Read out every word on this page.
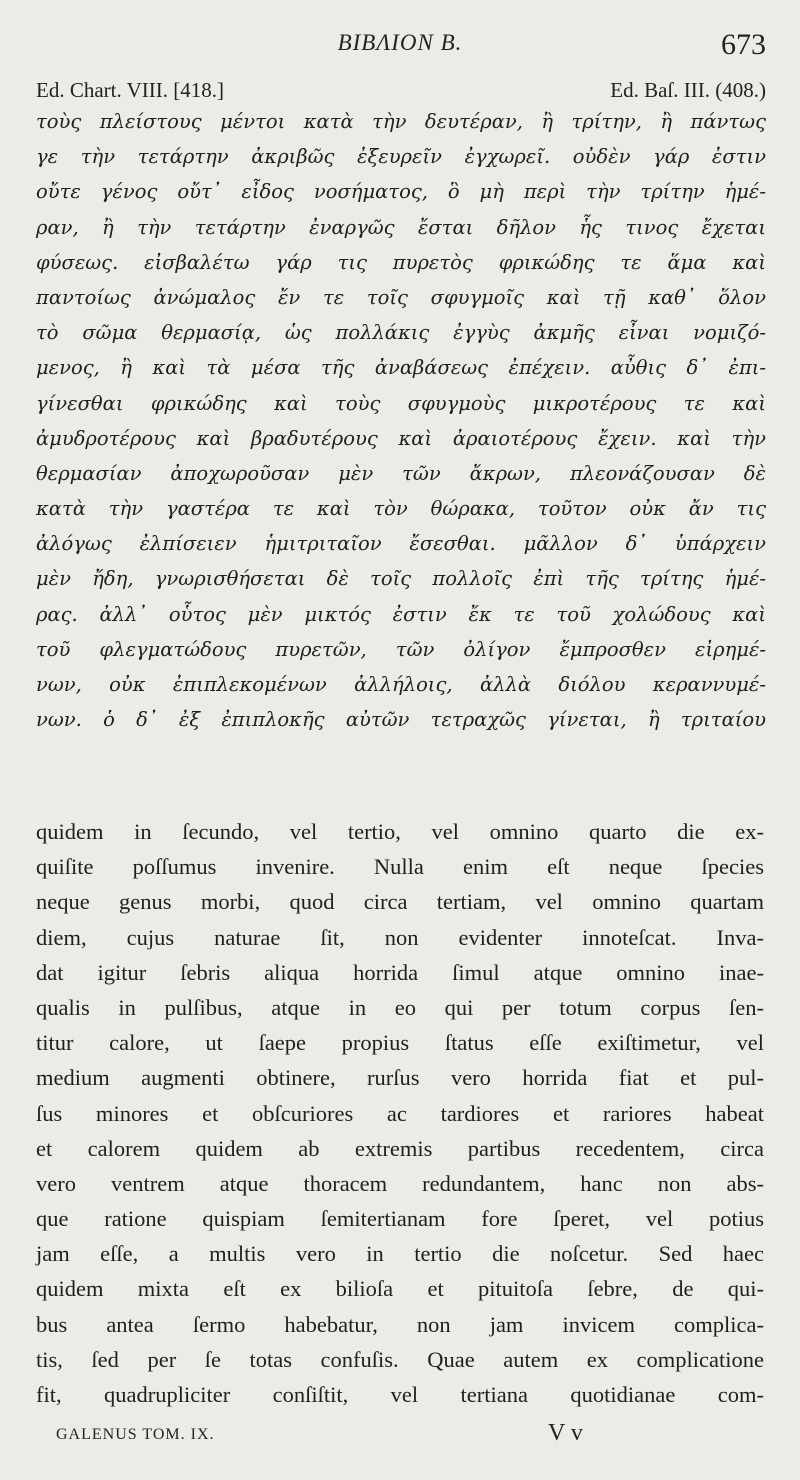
ΒΙΒΛΙΟΝ Β.	673
Ed. Chart. VIII. [418.]	Ed. Baſ. III. (408.)
τοὺς πλείστους μέντοι κατὰ τὴν δευτέραν, ἢ τρίτην, ἢ πάντως
γε τὴν τετάρτην ἀκριβῶς ἐξευρεῖν ἐγχωρεῖ. οὐδὲν γάρ ἐστιν
οὔτε γένος οὔτ᾽ εἶδος νοσήματος, ὃ μὴ περὶ τὴν τρίτην ἡμέ-
ραν, ἢ τὴν τετάρτην ἐναργῶς ἔσται δῆλον ἧς τινος ἔχεται
φύσεως. εἰσβαλέτω γάρ τις πυρετὸς φρικώδης τε ἅμα καὶ
παντοίως ἀνώμαλος ἔν τε τοῖς σφυγμοῖς καὶ τῇ καθ᾽ ὅλον
τὸ σῶμα θερμασίᾳ, ὡς πολλάκις ἐγγὺς ἀκμῆς εἶναι νομιζό-
μενος, ἢ καὶ τὰ μέσα τῆς ἀναβάσεως ἐπέχειν. αὖθις δ᾽ ἐπι-
γίνεσθαι φρικώδης καὶ τοὺς σφυγμοὺς μικροτέρους τε καὶ
ἀμυδροτέρους καὶ βραδυτέρους καὶ ἀραιοτέρους ἔχειν. καὶ τὴν
θερμασίαν ἀποχωροῦσαν μὲν τῶν ἄκρων, πλεονάζουσαν δὲ
κατὰ τὴν γαστέρα τε καὶ τὸν θώρακα, τοῦτον οὐκ ἄν τις
ἀλόγως ἐλπίσειεν ἡμιτριταῖον ἔσεσθαι. μᾶλλον δ᾽ ὑπάρχειν
μὲν ἤδη, γνωρισθήσεται δὲ τοῖς πολλοῖς ἐπὶ τῆς τρίτης ἡμέ-
ρας. ἀλλ᾽ οὗτος μὲν μικτός ἐστιν ἔκ τε τοῦ χολώδους καὶ
τοῦ φλεγματώδους πυρετῶν, τῶν ὀλίγον ἔμπροσθεν εἰρημέ-
νων, οὐκ ἐπιπλεκομένων ἀλλήλοις, ἀλλὰ διόλου κεραννυμέ-
νων. ὁ δ᾽ ἐξ ἐπιπλοκῆς αὐτῶν τετραχῶς γίνεται, ἢ τριταίου
quidem in ſecundo, vel tertio, vel omnino quarto die ex-
quiſite poſſumus invenire. Nulla enim eſt neque ſpecies
neque genus morbi, quod circa tertiam, vel omnino quartam
diem, cujus naturae ſit, non evidenter innoteſcat. Inva-
dat igitur ſebris aliqua horrida ſimul atque omnino inae-
qualis in pulſibus, atque in eo qui per totum corpus ſen-
titur calore, ut ſaepe propius ſtatus eſſe exiſtimetur, vel
medium augmenti obtinere, rurſus vero horrida fiat et pul-
ſus minores et obſcuriores ac tardiores et rariores habeat
et calorem quidem ab extremis partibus recedentem, circa
vero ventrem atque thoracem redundantem, hanc non abs-
que ratione quispiam ſemitertianam fore ſperet, vel potius
jam eſſe, a multis vero in tertio die noſcetur. Sed haec
quidem mixta eſt ex bilioſa et pituitoſa ſebre, de qui-
bus antea ſermo habebatur, non jam invicem complica-
tis, ſed per ſe totas confuſis. Quae autem ex complicatione
fit, quadrupliciter conſiſtit, vel tertiana quotidianae com-
GALENUS TOM. IX.	V v
